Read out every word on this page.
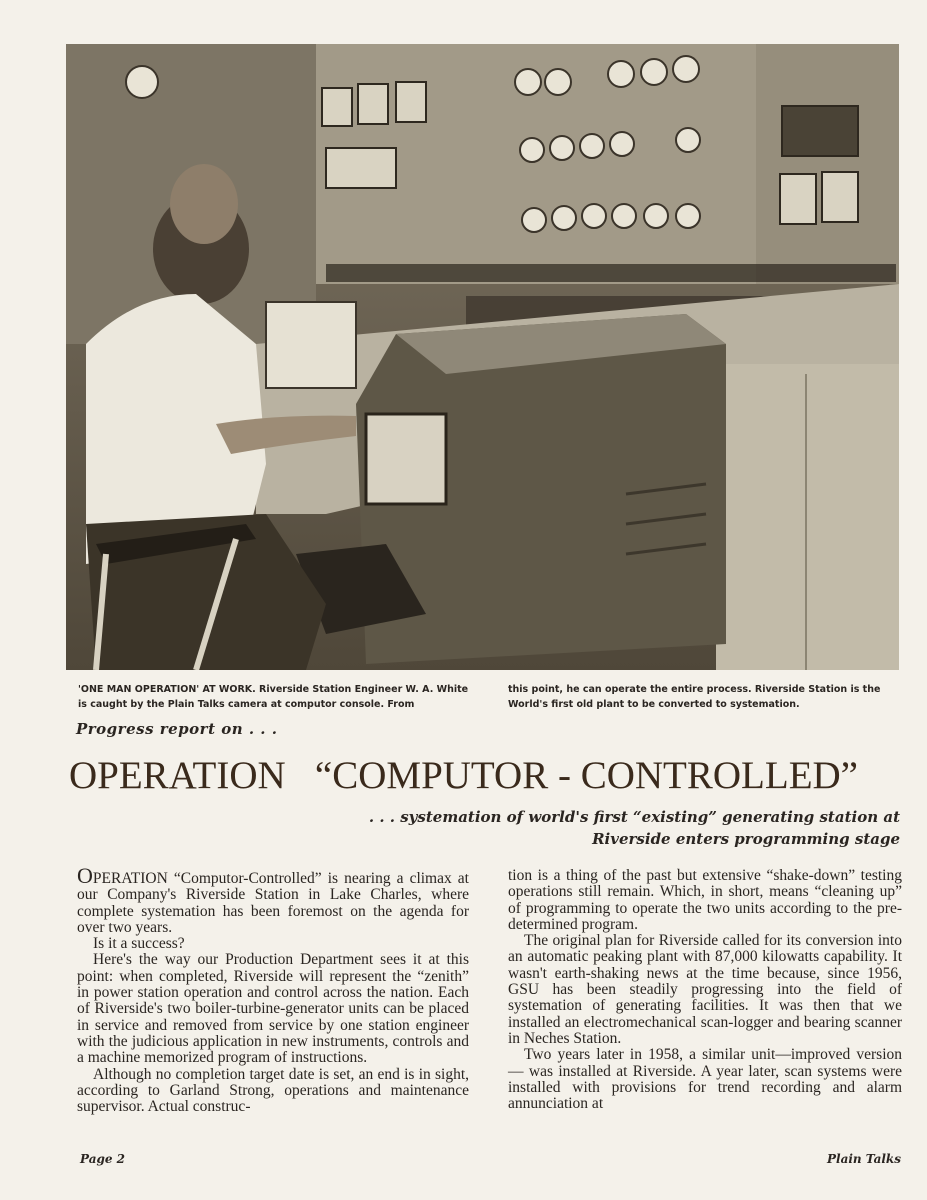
'ONE MAN OPERATION' AT WORK. Riverside Station Engineer W. A. White is caught by the Plain Talks camera at computor console. From
this point, he can operate the entire process. Riverside Station is the World's first old plant to be converted to systemation.
Progress report on . . .
OPERATION   “COMPUTOR - CONTROLLED”
. . . systemation of world's first “existing” generating station at Riverside enters programming stage

OPERATION “Computor-Controlled” is nearing a climax at our Company's Riverside Station in Lake Charles, where complete systemation has been foremost on the agenda for over two years.

Is it a success?

Here's the way our Production Department sees it at this point: when completed, Riverside will represent the “zenith” in power station operation and control across the nation. Each of Riverside's two boiler-turbine-generator units can be placed in service and removed from service by one station engineer with the judicious application in new instruments, controls and a machine memorized program of instructions.

Although no completion target date is set, an end is in sight, according to Garland Strong, operations and maintenance supervisor. Actual construc-

tion is a thing of the past but extensive “shake-down” testing operations still remain. Which, in short, means “cleaning up” of programming to operate the two units according to the pre-determined program.

The original plan for Riverside called for its conversion into an automatic peaking plant with 87,000 kilowatts capability. It wasn't earth-shaking news at the time because, since 1956, GSU has been steadily progressing into the field of systemation of generating facilities. It was then that we installed an electromechanical scan-logger and bearing scanner in Neches Station.

Two years later in 1958, a similar unit—improved version — was installed at Riverside. A year later, scan systems were installed with provisions for trend recording and alarm annunciation at

Page 2	Plain Talks
